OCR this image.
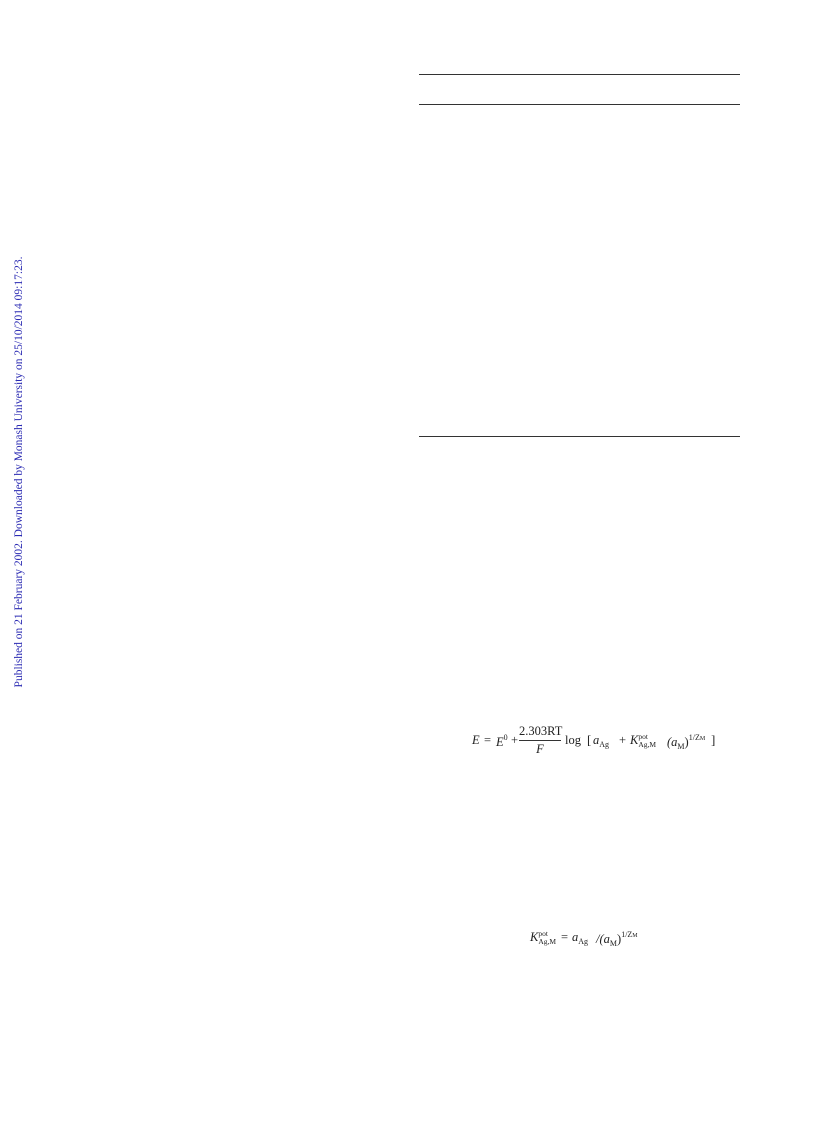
Published on 21 February 2002. Downloaded by Monash University on 25/10/2014 09:17:23.
$E = E^0 + \frac{2.303RT}{F}$ log [ $a_{Ag} + K$ pot
Ag,M $(a_M)^{1/ZM}$ ]
K pot
$Ag,M = a_{Ag}$ $/(a_M)^{1/ZM}$
